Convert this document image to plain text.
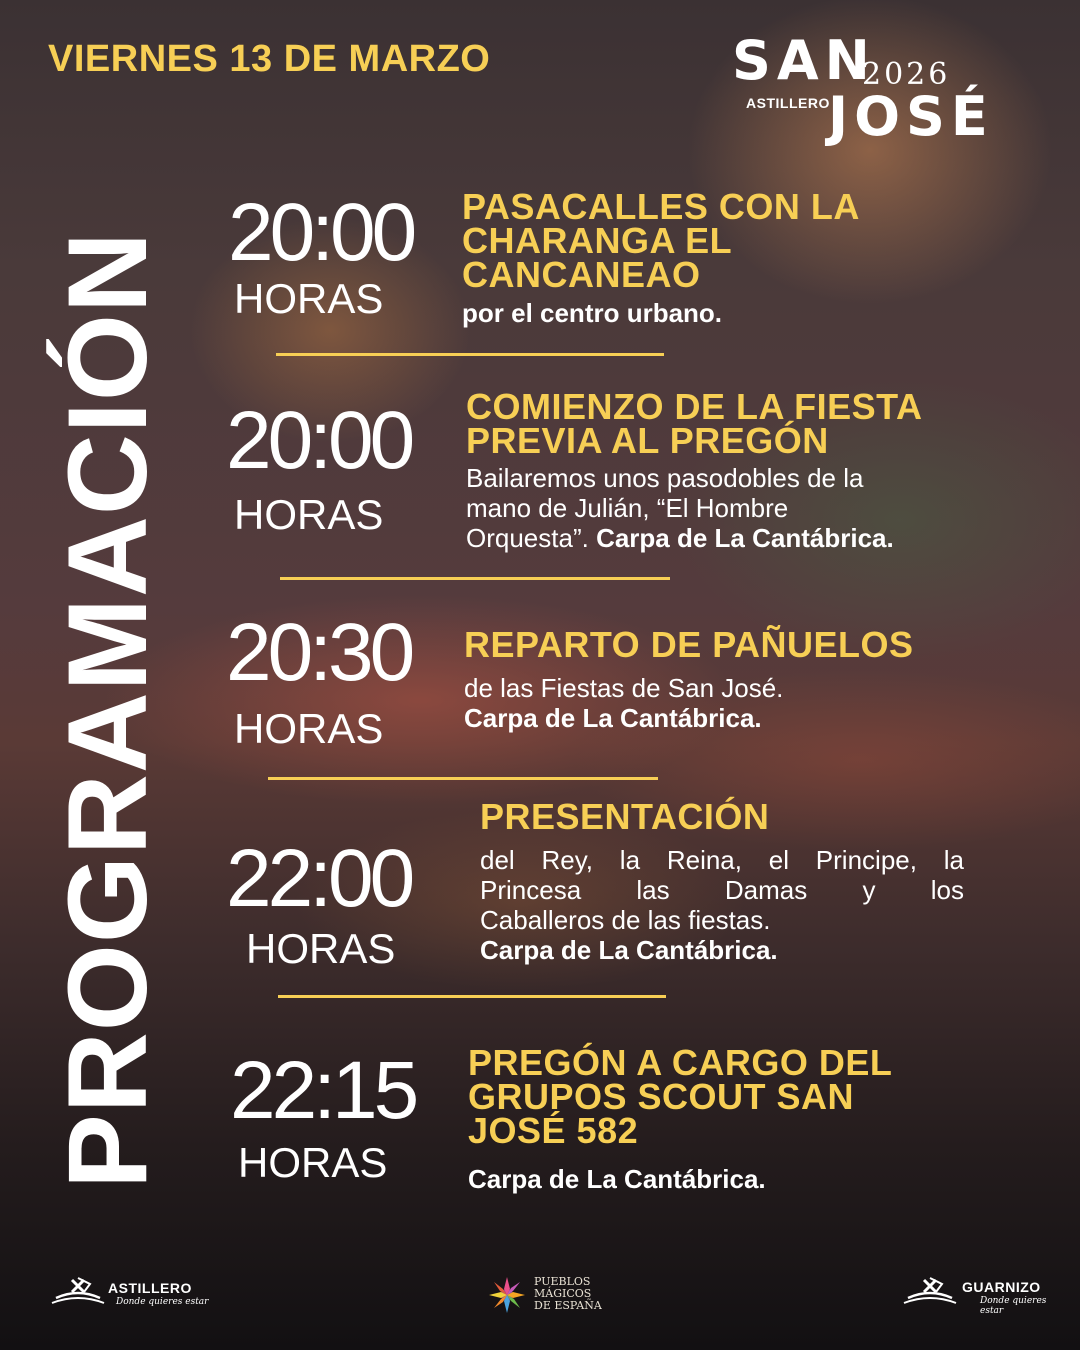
VIERNES 13 DE MARZO	SAN
2026
ASTILLERO
JOSÉ
PROGRAMACIÓN 20:00
HORAS
PASACALLES CON LA
CHARANGA EL
CANCANEAO
por el centro urbano.
20:00
HORAS
COMIENZO DE LA FIESTA
PREVIA AL PREGÓN
Bailaremos unos pasodobles de la
mano de Julián, “El Hombre
Orquesta”. Carpa de La Cantábrica.
20:30
HORAS
REPARTO DE PAÑUELOS
de las Fiestas de San José.
Carpa de La Cantábrica.
22:00
HORAS
PRESENTACIÓN
del Rey, la Reina, el Principe, la
Princesa las Damas y los
Caballeros de las fiestas.
Carpa de La Cantábrica.
22:15
HORAS
PREGÓN A CARGO DEL
GRUPOS SCOUT SAN
JOSÉ 582
Carpa de La Cantábrica.
ASTILLERO
Donde quieres estar
PUEBLOS
MÁGICOS
DE ESPAÑA
GUARNIZO
Donde quieres estar
